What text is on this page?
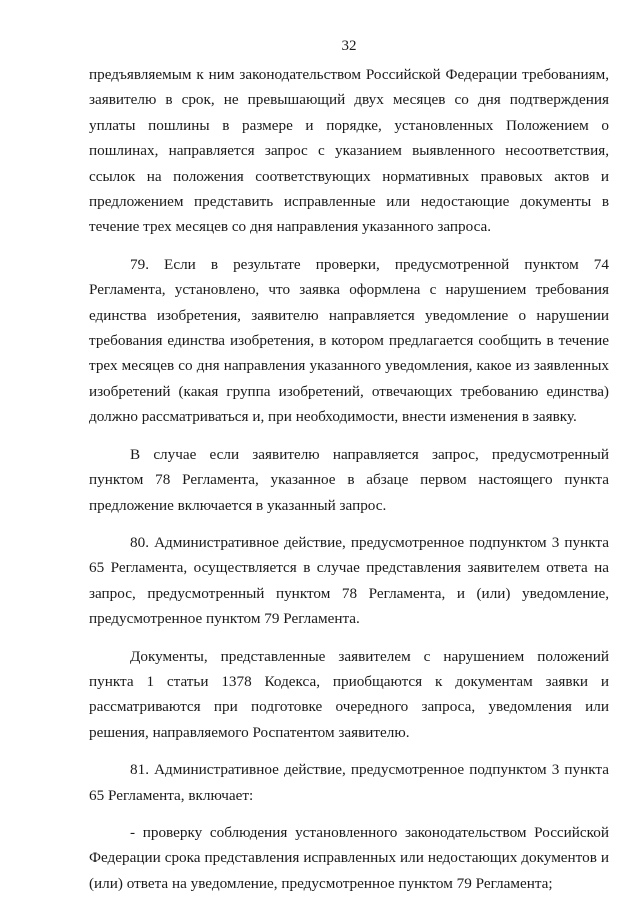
32

предъявляемым к ним законодательством Российской Федерации требованиям, заявителю в срок, не превышающий двух месяцев со дня подтверждения уплаты пошлины в размере и порядке, установленных Положением о пошлинах, направляется запрос с указанием выявленного несоответствия, ссылок на положения соответствующих нормативных правовых актов и предложением представить исправленные или недостающие документы в течение трех месяцев со дня направления указанного запроса.

79. Если в результате проверки, предусмотренной пунктом 74 Регламента, установлено, что заявка оформлена с нарушением требования единства изобретения, заявителю направляется уведомление о нарушении требования единства изобретения, в котором предлагается сообщить в течение трех месяцев со дня направления указанного уведомления, какое из заявленных изобретений (какая группа изобретений, отвечающих требованию единства) должно рассматриваться и, при необходимости, внести изменения в заявку.

В случае если заявителю направляется запрос, предусмотренный пунктом 78 Регламента, указанное в абзаце первом настоящего пункта предложение включается в указанный запрос.

80. Административное действие, предусмотренное подпунктом 3 пункта 65 Регламента, осуществляется в случае представления заявителем ответа на запрос, предусмотренный пунктом 78 Регламента, и (или) уведомление, предусмотренное пунктом 79 Регламента.

Документы, представленные заявителем с нарушением положений пункта 1 статьи 1378 Кодекса, приобщаются к документам заявки и рассматриваются при подготовке очередного запроса, уведомления или решения, направляемого Роспатентом заявителю.

81. Административное действие, предусмотренное подпунктом 3 пункта 65 Регламента, включает:

- проверку соблюдения установленного законодательством Российской Федерации срока представления исправленных или недостающих документов и (или) ответа на уведомление, предусмотренное пунктом 79 Регламента;
